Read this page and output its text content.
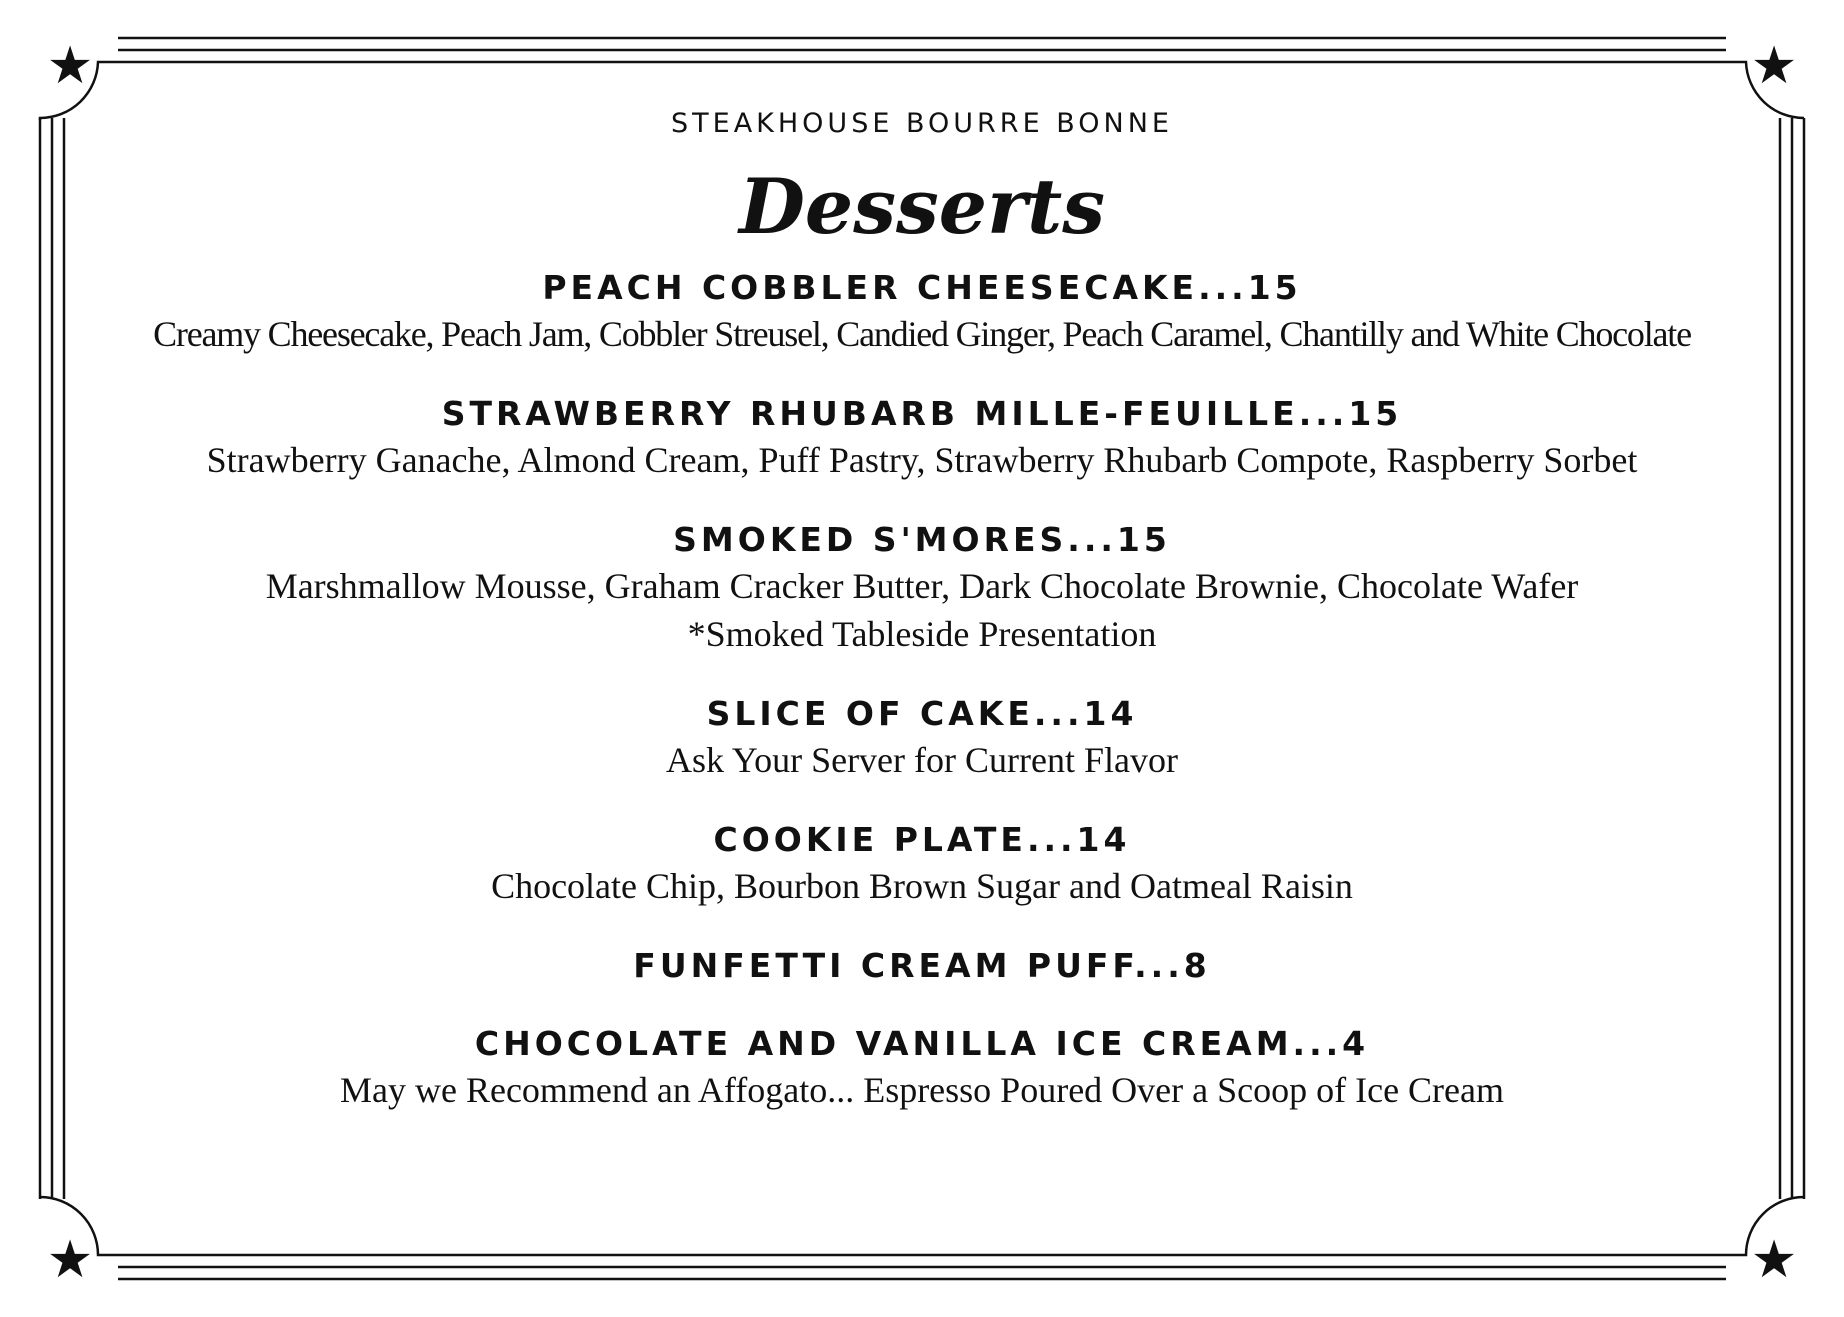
★	★
★	★

STEAKHOUSE BOURRE BONNE

Desserts

PEACH COBBLER CHEESECAKE...15

Creamy Cheesecake, Peach Jam, Cobbler Streusel, Candied Ginger, Peach Caramel, Chantilly and White Chocolate

STRAWBERRY RHUBARB MILLE-FEUILLE...15

Strawberry Ganache, Almond Cream, Puff Pastry, Strawberry Rhubarb Compote, Raspberry Sorbet

SMOKED S'MORES...15

Marshmallow Mousse, Graham Cracker Butter, Dark Chocolate Brownie, Chocolate Wafer

*Smoked Tableside Presentation

SLICE OF CAKE...14

Ask Your Server for Current Flavor

COOKIE PLATE...14

Chocolate Chip, Bourbon Brown Sugar and Oatmeal Raisin

FUNFETTI CREAM PUFF...8

CHOCOLATE AND VANILLA ICE CREAM...4

May we Recommend an Affogato... Espresso Poured Over a Scoop of Ice Cream
